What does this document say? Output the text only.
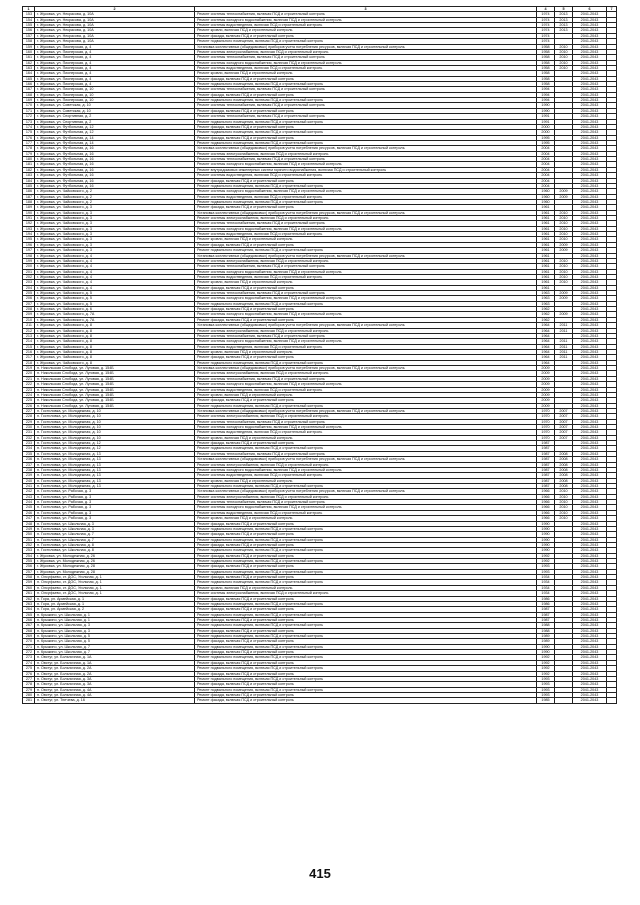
1	2	3	4	5	6	7
153	г. Жуковка, ул. Некрасова, д. 10А	Ремонт системы теплоснабжения, включая ПСД и строительный контроль	1974	2013	2041-2043	
154	г. Жуковка, ул. Некрасова, д. 10А	Ремонт системы холодного водоснабжения, включая ПСД и строительный контроль	1974	2013	2041-2043	
155	г. Жуковка, ул. Некрасова, д. 10А	Ремонт системы водоотведения, включая ПСД и строительный контроль	1974	2013	2041-2043	
156	г. Жуковка, ул. Некрасова, д. 10А	Ремонт кровли, включая ПСД и строительный контроль	1974	2013	2041-2043	
157	г. Жуковка, ул. Некрасова, д. 10А	Ремонт фасада, включая ПСД и строительный контроль	1974		2041-2043	
158	г. Жуковка, ул. Некрасова, д. 10А	Ремонт подвального помещения, включая ПСД и строительный контроль	1974		2041-2043	
159	г. Жуковка, ул. Пионерская, д. 4	Установка коллективных (общедомовых) приборов учета потребления ресурсов, включая ПСД и строительный контроль	1958	2010	2041-2043	
160	г. Жуковка, ул. Пионерская, д. 4	Ремонт системы электроснабжения, включая ПСД и строительный контроль	1958	2010	2041-2043	
161	г. Жуковка, ул. Пионерская, д. 4	Ремонт системы теплоснабжения, включая ПСД и строительный контроль	1958	2010	2041-2043	
162	г. Жуковка, ул. Пионерская, д. 4	Ремонт системы холодного водоснабжения, включая ПСД и строительный контроль	1958	2010	2041-2043	
163	г. Жуковка, ул. Пионерская, д. 4	Ремонт системы водоотведения, включая ПСД и строительный контроль	1958	2010	2041-2043	
164	г. Жуковка, ул. Пионерская, д. 4	Ремонт кровли, включая ПСД и строительный контроль	1958		2041-2043	
165	г. Жуковка, ул. Пионерская, д. 4	Ремонт фасада, включая ПСД и строительный контроль	1958		2041-2043	
166	г. Жуковка, ул. Пионерская, д. 4	Ремонт подвального помещения, включая ПСД и строительный контроль	1958		2041-2043	
167	г. Жуковка, ул. Пионерская, д. 10	Ремонт системы теплоснабжения, включая ПСД и строительный контроль	1994		2041-2043	
168	г. Жуковка, ул. Пионерская, д. 10	Ремонт фасада, включая ПСД и строительный контроль	1994		2041-2043	
169	г. Жуковка, ул. Пионерская, д. 10	Ремонт подвального помещения, включая ПСД и строительный контроль	1994		2041-2043	
170	г. Жуковка, ул. Советская, д. 10	Ремонт системы теплоснабжения, включая ПСД и строительный контроль	1990		2041-2043	
171	г. Жуковка, ул. Советская, д. 10	Ремонт фасада, включая ПСД и строительный контроль	1990		2041-2043	
172	г. Жуковка, ул. Спортивная, д. 2	Ремонт системы теплоснабжения, включая ПСД и строительный контроль	1991		2041-2043	
173	г. Жуковка, ул. Спортивная, д. 2	Ремонт подвального помещения, включая ПСД и строительный контроль	1991		2041-2043	
174	г. Жуковка, ул. Футбольная, д. 12	Ремонт фасада, включая ПСД и строительный контроль	2000		2041-2043	
175	г. Жуковка, ул. Футбольная, д. 12	Ремонт подвального помещения, включая ПСД и строительный контроль	2000		2041-2043	
176	г. Жуковка, ул. Футбольная, д. 14	Ремонт фасада, включая ПСД и строительный контроль	1995		2041-2043	
177	г. Жуковка, ул. Футбольная, д. 14	Ремонт подвального помещения, включая ПСД и строительный контроль	1995		2041-2043	
178	г. Жуковка, ул. Футбольная, д. 16	Установка коллективных (общедомовых) приборов учета потребления ресурсов, включая ПСД и строительный контроль	2004		2041-2043	
179	г. Жуковка, ул. Футбольная, д. 16	Ремонт системы электроснабжения, включая ПСД и строительный контроль	2004		2041-2043	
180	г. Жуковка, ул. Футбольная, д. 16	Ремонт системы теплоснабжения, включая ПСД и строительный контроль	2004		2041-2043	
181	г. Жуковка, ул. Футбольная, д. 16	Ремонт системы холодного водоснабжения, включая ПСД и строительный контроль	2004		2041-2043	
182	г. Жуковка, ул. Футбольная, д. 16	Ремонт внутридомовых инженерных систем горячего водоснабжения, включая ПСД и строительный контроль	2004		2041-2043	
183	г. Жуковка, ул. Футбольная, д. 16	Ремонт системы водоотведения, включая ПСД и строительный контроль	2004		2041-2043	
184	г. Жуковка, ул. Футбольная, д. 16	Ремонт фасада, включая ПСД и строительный контроль	2004		2041-2043	
185	г. Жуковка, ул. Футбольная, д. 16	Ремонт подвального помещения, включая ПСД и строительный контроль	2004		2041-2043	
186	г. Жуковка, ул. Чайковского, д. 2	Ремонт системы холодного водоснабжения, включая ПСД и строительный контроль	1960	2009	2041-2043	
187	г. Жуковка, ул. Чайковского, д. 2	Ремонт системы водоотведения, включая ПСД и строительный контроль	1960	2009	2041-2043	
188	г. Жуковка, ул. Чайковского, д. 2	Ремонт подвального помещения, включая ПСД и строительный контроль	1960		2041-2043	
189	г. Жуковка, ул. Чайковского, д. 3	Ремонт фасада, включая ПСД и строительный контроль	1961		2041-2043	
190	г. Жуковка, ул. Чайковского, д. 3	Установка коллективных (общедомовых) приборов учета потребления ресурсов, включая ПСД и строительный контроль	1961	2010	2041-2043	
191	г. Жуковка, ул. Чайковского, д. 3	Ремонт системы электроснабжения, включая ПСД и строительный контроль	1961	2010	2041-2043	
192	г. Жуковка, ул. Чайковского, д. 3	Ремонт системы теплоснабжения, включая ПСД и строительный контроль	1961	2010	2041-2043	
193	г. Жуковка, ул. Чайковского, д. 3	Ремонт системы холодного водоснабжения, включая ПСД и строительный контроль	1961	2010	2041-2043	
194	г. Жуковка, ул. Чайковского, д. 3	Ремонт системы водоотведения, включая ПСД и строительный контроль	1961	2010	2041-2043	
195	г. Жуковка, ул. Чайковского, д. 3	Ремонт кровли, включая ПСД и строительный контроль	1961	2010	2041-2043	
196	г. Жуковка, ул. Чайковского, д. 3	Ремонт фасада, включая ПСД и строительный контроль	1961	2009	2041-2043	
197	г. Жуковка, ул. Чайковского, д. 3	Ремонт подвального помещения, включая ПСД и строительный контроль	1961	2009	2041-2043	
198	г. Жуковка, ул. Чайковского, д. 4	Установка коллективных (общедомовых) приборов учета потребления ресурсов, включая ПСД и строительный контроль	1961		2041-2043	
199	г. Жуковка, ул. Чайковского, д. 4	Ремонт системы электроснабжения, включая ПСД и строительный контроль	1961	2010	2041-2043	
200	г. Жуковка, ул. Чайковского, д. 4	Ремонт системы теплоснабжения, включая ПСД и строительный контроль	1961	2010	2041-2043	
201	г. Жуковка, ул. Чайковского, д. 4	Ремонт системы холодного водоснабжения, включая ПСД и строительный контроль	1961	2010	2041-2043	
202	г. Жуковка, ул. Чайковского, д. 4	Ремонт системы водоотведения, включая ПСД и строительный контроль	1961	2010	2041-2043	
203	г. Жуковка, ул. Чайковского, д. 4	Ремонт кровли, включая ПСД и строительный контроль	1961	2010	2041-2043	
204	г. Жуковка, ул. Чайковского, д. 4	Ремонт фасада, включая ПСД и строительный контроль	1961		2041-2043	
205	г. Жуковка, ул. Чайковского, д. 5	Ремонт системы теплоснабжения, включая ПСД и строительный контроль	1963	2009	2041-2043	
206	г. Жуковка, ул. Чайковского, д. 5	Ремонт системы холодного водоснабжения, включая ПСД и строительный контроль	1963	2009	2041-2043	
207	г. Жуковка, ул. Чайковского, д. 5	Ремонт подвального помещения, включая ПСД и строительный контроль	1963		2041-2043	
208	г. Жуковка, ул. Чайковского, д. 6	Ремонт фасада, включая ПСД и строительный контроль	1962		2041-2043	
209	г. Жуковка, ул. Чайковского, д. 7А	Ремонт системы холодного водоснабжения, включая ПСД и строительный контроль	1962	2009	2041-2043	
210	г. Жуковка, ул. Чайковского, д. 7А	Ремонт фасада, включая ПСД и строительный контроль	1962		2041-2043	
211	г. Жуковка, ул. Чайковского, д. 8	Установка коллективных (общедомовых) приборов учета потребления ресурсов, включая ПСД и строительный контроль	1964	2011	2041-2043	
212	г. Жуковка, ул. Чайковского, д. 8	Ремонт системы электроснабжения, включая ПСД и строительный контроль	1964	2011	2041-2043	
213	г. Жуковка, ул. Чайковского, д. 8	Ремонт системы теплоснабжения, включая ПСД и строительный контроль	1964		2041-2043	
214	г. Жуковка, ул. Чайковского, д. 8	Ремонт системы холодного водоснабжения, включая ПСД и строительный контроль	1964	2011	2041-2043	
215	г. Жуковка, ул. Чайковского, д. 8	Ремонт системы водоотведения, включая ПСД и строительный контроль	1964	2011	2041-2043	
216	г. Жуковка, ул. Чайковского, д. 8	Ремонт кровли, включая ПСД и строительный контроль	1964	2011	2041-2043	
217	г. Жуковка, ул. Чайковского, д. 8	Ремонт фасада, включая ПСД и строительный контроль	1964	2011	2041-2043	
218	г. Жуковка, ул. Чайковского, д. 8	Ремонт подвального помещения, включая ПСД и строительный контроль	1964		2041-2043	
219	п. Никольская Слобода, ул. Луговая, д. 154Б	Установка коллективных (общедомовых) приборов учета потребления ресурсов, включая ПСД и строительный контроль	2009		2041-2043	
220	п. Никольская Слобода, ул. Луговая, д. 154Б	Ремонт системы электроснабжения, включая ПСД и строительный контроль	2009		2041-2043	
221	п. Никольская Слобода, ул. Луговая, д. 154Б	Ремонт системы теплоснабжения, включая ПСД и строительный контроль	2009		2041-2043	
222	п. Никольская Слобода, ул. Луговая, д. 154Б	Ремонт системы холодного водоснабжения, включая ПСД и строительный контроль	2009		2041-2043	
223	п. Никольская Слобода, ул. Луговая, д. 154Б	Ремонт системы водоотведения, включая ПСД и строительный контроль	2009		2041-2043	
224	п. Никольская Слобода, ул. Луговая, д. 154Б	Ремонт кровли, включая ПСД и строительный контроль	2009		2041-2043	
225	п. Никольская Слобода, ул. Луговая, д. 154Б	Ремонт фасада, включая ПСД и строительный контроль	2009		2041-2043	
226	п. Никольская Слобода, ул. Луговая, д. 154Б	Ремонт подвального помещения, включая ПСД и строительный контроль	2009		2041-2043	
227	п. Гостиловка, ул. Молодежная, д. 10	Установка коллективных (общедомовых) приборов учета потребления ресурсов, включая ПСД и строительный контроль	1970	2007	2041-2043	
228	п. Гостиловка, ул. Молодежная, д. 10	Ремонт системы электроснабжения, включая ПСД и строительный контроль	1970	2007	2041-2043	
229	п. Гостиловка, ул. Молодежная, д. 10	Ремонт системы теплоснабжения, включая ПСД и строительный контроль	1970	2007	2041-2043	
230	п. Гостиловка, ул. Молодежная, д. 10	Ремонт системы холодного водоснабжения, включая ПСД и строительный контроль	1970	2007	2041-2043	
231	п. Гостиловка, ул. Молодежная, д. 10	Ремонт системы водоотведения, включая ПСД и строительный контроль	1970	2007	2041-2043	
232	п. Гостиловка, ул. Молодежная, д. 10	Ремонт кровли, включая ПСД и строительный контроль	1970	2007	2041-2043	
233	п. Гостиловка, ул. Молодежная, д. 12	Ремонт фасада, включая ПСД и строительный контроль	1987		2041-2043	
234	п. Гостиловка, ул. Молодежная, д. 12	Ремонт подвального помещения, включая ПСД и строительный контроль	1987		2041-2043	
235	п. Гостиловка, ул. Молодежная, д. 13	Ремонт системы теплоснабжения, включая ПСД и строительный контроль	1987	2008	2041-2043	
236	п. Гостиловка, ул. Молодежная, д. 13	Установка коллективных (общедомовых) приборов учета потребления ресурсов, включая ПСД и строительный контроль	1987	2008	2041-2043	
237	п. Гостиловка, ул. Молодежная, д. 13	Ремонт системы электроснабжения, включая ПСД и строительный контроль	1987	2008	2041-2043	
238	п. Гостиловка, ул. Молодежная, д. 13	Ремонт системы холодного водоснабжения, включая ПСД и строительный контроль	1987	2008	2041-2043	
239	п. Гостиловка, ул. Молодежная, д. 13	Ремонт системы водоотведения, включая ПСД и строительный контроль	1987	2008	2041-2043	
240	п. Гостиловка, ул. Молодежная, д. 13	Ремонт кровли, включая ПСД и строительный контроль	1987	2008	2041-2043	
241	п. Гостиловка, ул. Молодежная, д. 13	Ремонт подвального помещения, включая ПСД и строительный контроль	1987	2008	2041-2043	
242	п. Гостиловка, ул. Рабочая, д. 3	Установка коллективных (общедомовых) приборов учета потребления ресурсов, включая ПСД и строительный контроль	1966	2010	2041-2043	
243	п. Гостиловка, ул. Рабочая, д. 3	Ремонт системы электроснабжения, включая ПСД и строительный контроль	1966	2010	2041-2043	
244	п. Гостиловка, ул. Рабочая, д. 3	Ремонт системы теплоснабжения, включая ПСД и строительный контроль	1966	2010	2041-2043	
245	п. Гостиловка, ул. Рабочая, д. 3	Ремонт системы холодного водоснабжения, включая ПСД и строительный контроль	1966	2010	2041-2043	
246	п. Гостиловка, ул. Рабочая, д. 3	Ремонт системы водоотведения, включая ПСД и строительный контроль	1966	2010	2041-2043	
247	п. Гостиловка, ул. Рабочая, д. 3	Ремонт кровли, включая ПСД и строительный контроль	1966	2010	2041-2043	
248	п. Гостиловка, ул. Школьная, д. 3	Ремонт фасада, включая ПСД и строительный контроль	1990		2041-2043	
249	п. Гостиловка, ул. Школьная, д. 3	Ремонт подвального помещения, включая ПСД и строительный контроль	1990		2041-2043	
250	п. Гостиловка, ул. Школьная, д. 7	Ремонт фасада, включая ПСД и строительный контроль	1990		2041-2043	
251	п. Гостиловка, ул. Школьная, д. 7	Ремонт подвального помещения, включая ПСД и строительный контроль	1990		2041-2043	
252	п. Гостиловка, ул. Школьная, д. 8	Ремонт фасада, включая ПСД и строительный контроль	1990		2041-2043	
253	п. Гостиловка, ул. Школьная, д. 8	Ремонт подвального помещения, включая ПСД и строительный контроль	1990		2041-2043	
254	г. Жуковка, ул. Молодежная, д. 26	Ремонт фасада, включая ПСД и строительный контроль	1992		2041-2043	
255	г. Жуковка, ул. Молодежная, д. 26	Ремонт подвального помещения, включая ПСД и строительный контроль	1992		2041-2043	
256	г. Жуковка, ул. Молодежная, д. 28	Ремонт фасада, включая ПСД и строительный контроль	1993		2041-2043	
257	г. Жуковка, ул. Молодежная, д. 28	Ремонт подвального помещения, включая ПСД и строительный контроль	1993		2041-2043	
258	п. Олсуфьево, ст. ДОС, Угольная, д. 1	Ремонт фасада, включая ПСД и строительный контроль	1934		2041-2043	
259	п. Олсуфьево, ст. ДОС, Угольная, д. 1	Ремонт подвального помещения, включая ПСД и строительный контроль	1934		2041-2043	
260	п. Олсуфьево, ст. ДОС, Угольная, д. 1	Ремонт кровли, включая ПСД и строительный контроль	1934		2041-2043	
261	п. Олсуфьево, ст. ДОС, Угольная, д. 1	Ремонт системы электроснабжения, включая ПСД и строительный контроль	1934		2041-2043	
262	п. Гора, ул. Армейская, д. 1	Ремонт фасада, включая ПСД и строительный контроль	1986		2041-2043	
263	п. Гора, ул. Армейская, д. 1	Ремонт подвального помещения, включая ПСД и строительный контроль	1986		2041-2043	
264	п. Гора, ул. Армейская, д. 2	Ремонт фасада, включая ПСД и строительный контроль	1987		2041-2043	
265	п. Крыжино, ул. Школьная, д. 1	Ремонт подвального помещения, включая ПСД и строительный контроль	1987		2041-2043	
266	п. Крыжино, ул. Школьная, д. 1	Ремонт фасада, включая ПСД и строительный контроль	1987		2041-2043	
267	п. Крыжино, ул. Школьная, д. 3	Ремонт подвального помещения, включая ПСД и строительный контроль	1988		2041-2043	
268	п. Крыжино, ул. Школьная, д. 3	Ремонт фасада, включая ПСД и строительный контроль	1988		2041-2043	
269	п. Крыжино, ул. Школьная, д. 5	Ремонт подвального помещения, включая ПСД и строительный контроль	1989		2041-2043	
270	п. Крыжино, ул. Школьная, д. 5	Ремонт фасада, включая ПСД и строительный контроль	1989		2041-2043	
271	п. Крыжино, ул. Школьная, д. 7	Ремонт подвального помещения, включая ПСД и строительный контроль	1990		2041-2043	
272	п. Крыжино, ул. Школьная, д. 7	Ремонт фасада, включая ПСД и строительный контроль	1990		2041-2043	
273	п. Овстуг, ул. Больничная, д. 1А	Ремонт подвального помещения, включая ПСД и строительный контроль	1992		2041-2043	
274	п. Овстуг, ул. Больничная, д. 1А	Ремонт фасада, включая ПСД и строительный контроль	1992		2041-2043	
275	п. Овстуг, ул. Больничная, д. 2А	Ремонт подвального помещения, включая ПСД и строительный контроль	1992		2041-2043	
276	п. Овстуг, ул. Больничная, д. 2А	Ремонт фасада, включая ПСД и строительный контроль	1992		2041-2043	
277	п. Овстуг, ул. Больничная, д. 3А	Ремонт подвального помещения, включая ПСД и строительный контроль	1993		2041-2043	
278	п. Овстуг, ул. Больничная, д. 3А	Ремонт фасада, включая ПСД и строительный контроль	1993		2041-2043	
279	п. Овстуг, ул. Больничная, д. 4А	Ремонт подвального помещения, включая ПСД и строительный контроль	1993		2041-2043	
280	п. Овстуг, ул. Больничная, д. 4А	Ремонт фасада, включая ПСД и строительный контроль	1993		2041-2043	
281	п. Овстуг, ул. Тютчева, д. 16	Ремонт фасада, включая ПСД и строительный контроль	1985		2041-2043	
415
